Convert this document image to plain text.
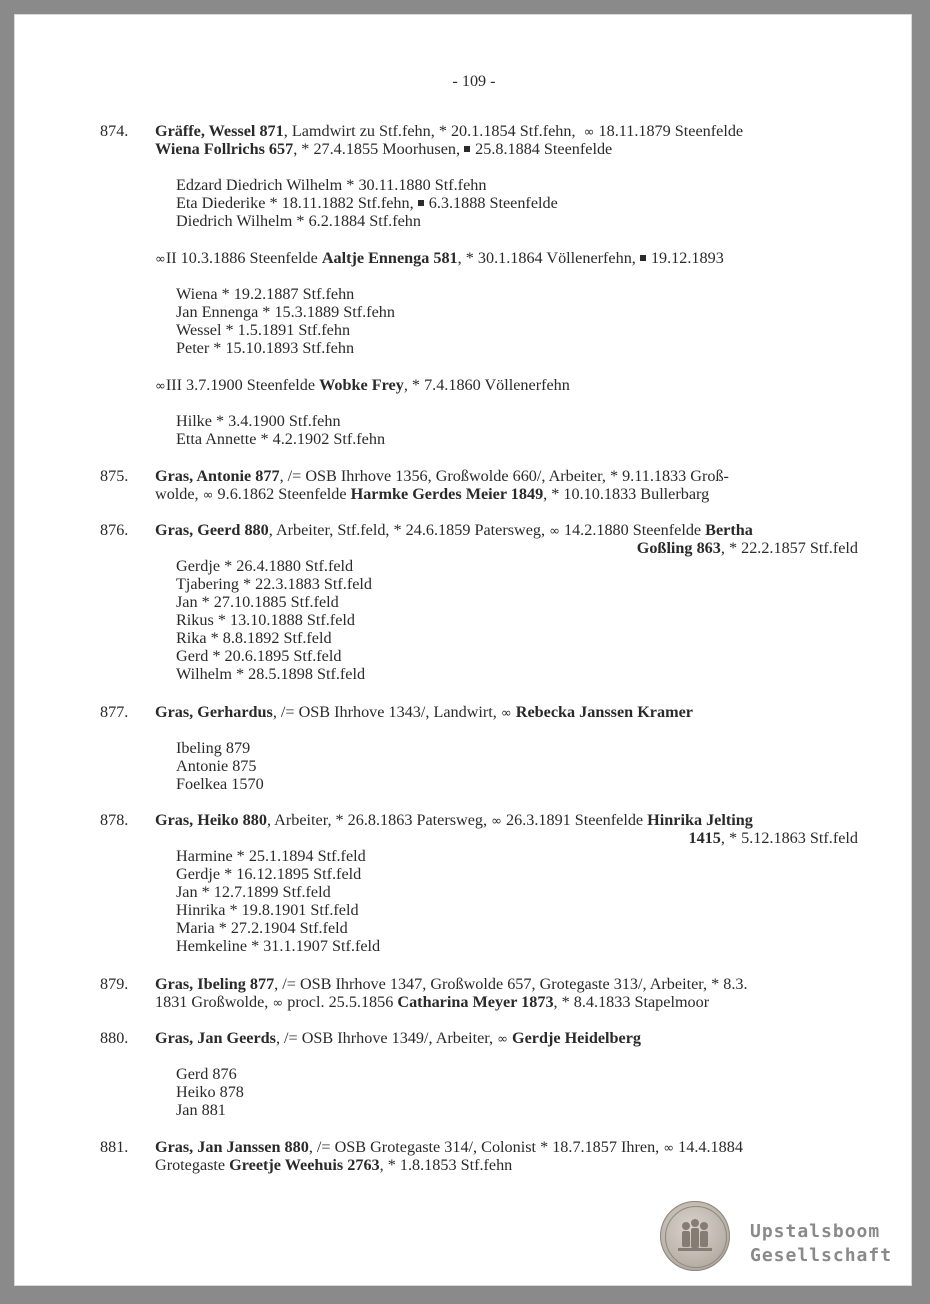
- 109 -
874. Gräffe, Wessel 871, Lamdwirt zu Stf.fehn, * 20.1.1854 Stf.fehn, ∞ 18.11.1879 Steenfelde
Wiena Follrichs 657, * 27.4.1855 Moorhusen,  25.8.1884 Steenfelde
Edzard Diedrich Wilhelm * 30.11.1880 Stf.fehn
Eta Diederike * 18.11.1882 Stf.fehn,  6.3.1888 Steenfelde
Diedrich Wilhelm * 6.2.1884 Stf.fehn
∞II 10.3.1886 Steenfelde Aaltje Ennenga 581, * 30.1.1864 Völlenerfehn,  19.12.1893
Wiena * 19.2.1887 Stf.fehn
Jan Ennenga * 15.3.1889 Stf.fehn
Wessel * 1.5.1891 Stf.fehn
Peter * 15.10.1893 Stf.fehn
∞III 3.7.1900 Steenfelde Wobke Frey, * 7.4.1860 Völlenerfehn
Hilke * 3.4.1900 Stf.fehn
Etta Annette * 4.2.1902 Stf.fehn
875. Gras, Antonie 877, /= OSB Ihrhove 1356, Großwolde 660/, Arbeiter, * 9.11.1833 Groß-
wolde, ∞ 9.6.1862 Steenfelde Harmke Gerdes Meier 1849, * 10.10.1833 Bullerbarg
876. Gras, Geerd 880, Arbeiter, Stf.feld, * 24.6.1859 Patersweg, ∞ 14.2.1880 Steenfelde Bertha
Goßling 863, * 22.2.1857 Stf.feld
Gerdje * 26.4.1880 Stf.feld
Tjabering * 22.3.1883 Stf.feld
Jan * 27.10.1885 Stf.feld
Rikus * 13.10.1888 Stf.feld
Rika * 8.8.1892 Stf.feld
Gerd * 20.6.1895 Stf.feld
Wilhelm * 28.5.1898 Stf.feld
877. Gras, Gerhardus, /= OSB Ihrhove 1343/, Landwirt, ∞ Rebecka Janssen Kramer
Ibeling 879
Antonie 875
Foelkea 1570
878. Gras, Heiko 880, Arbeiter, * 26.8.1863 Patersweg, ∞ 26.3.1891 Steenfelde Hinrika Jelting
1415, * 5.12.1863 Stf.feld
Harmine * 25.1.1894 Stf.feld
Gerdje * 16.12.1895 Stf.feld
Jan * 12.7.1899 Stf.feld
Hinrika * 19.8.1901 Stf.feld
Maria * 27.2.1904 Stf.feld
Hemkeline * 31.1.1907 Stf.feld
879. Gras, Ibeling 877, /= OSB Ihrhove 1347, Großwolde 657, Grotegaste 313/, Arbeiter, * 8.3.
1831 Großwolde, ∞ procl. 25.5.1856 Catharina Meyer 1873, * 8.4.1833 Stapelmoor
880. Gras, Jan Geerds, /= OSB Ihrhove 1349/, Arbeiter, ∞ Gerdje Heidelberg
Gerd 876
Heiko 878
Jan 881
881. Gras, Jan Janssen 880, /= OSB Grotegaste 314/, Colonist * 18.7.1857 Ihren, ∞ 14.4.1884
Grotegaste Greetje Weehuis 2763, * 1.8.1853 Stf.fehn
Upstalsboom
Gesellschaft
